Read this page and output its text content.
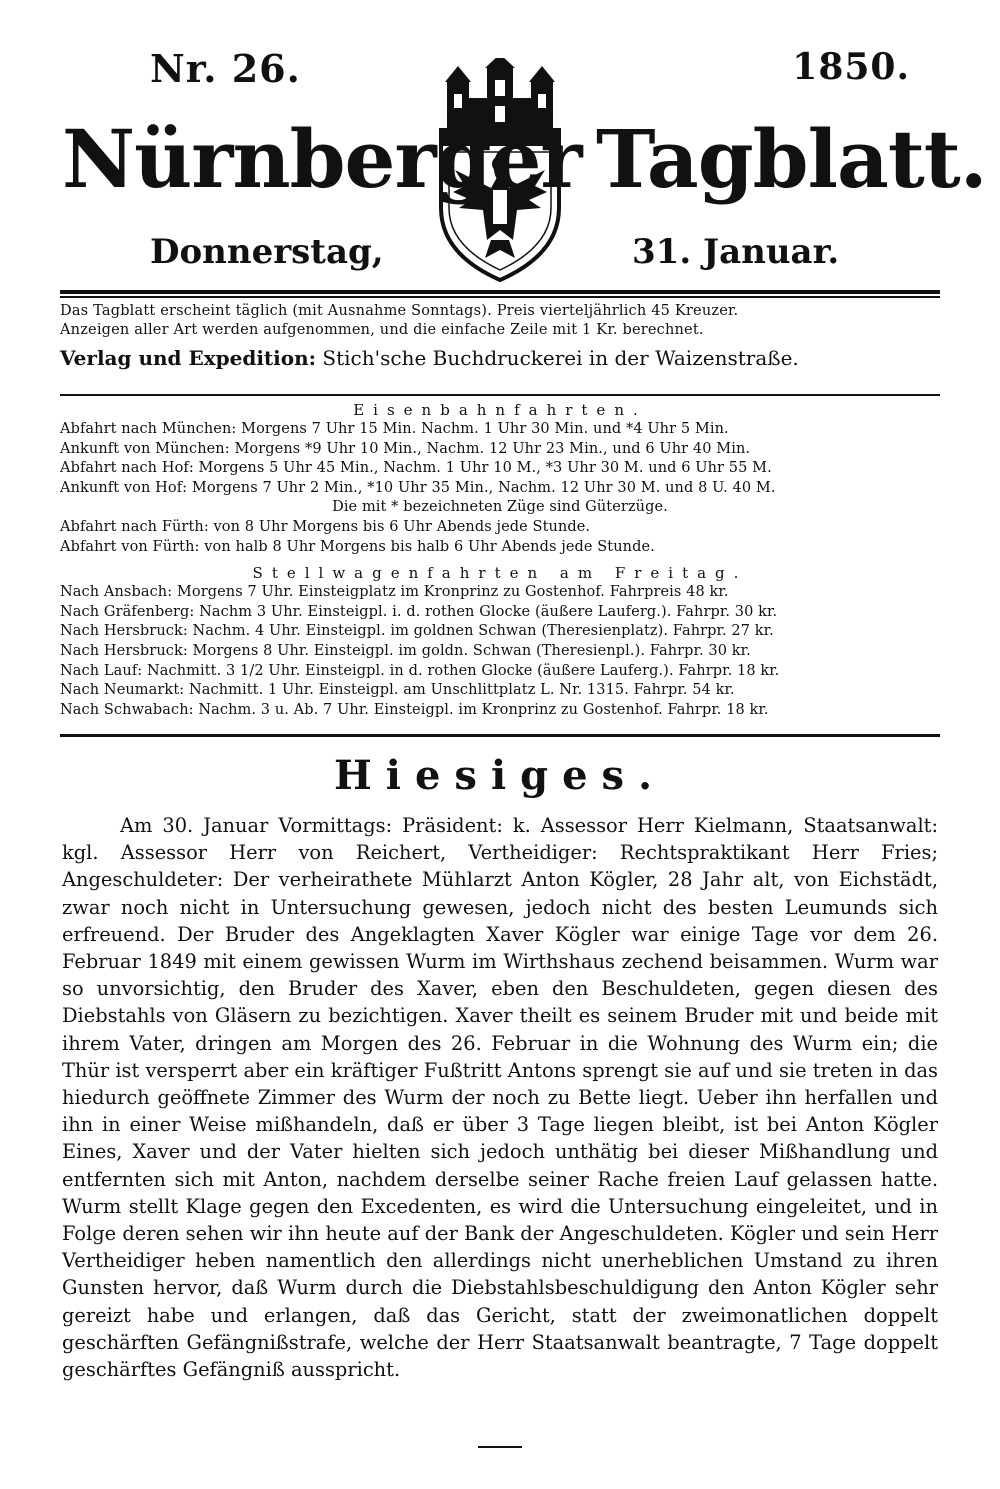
Nr. 26.	1850.
Nürnberger Tagblatt.
Donnerstag,	31. Januar.
Das Tagblatt erscheint täglich (mit Ausnahme Sonntags). Preis vierteljährlich 45 Kreuzer.
Anzeigen aller Art werden aufgenommen, und die einfache Zeile mit 1 Kr. berechnet.
Verlag und Expedition: Stich'sche Buchdruckerei in der Waizenstraße.
Eisenbahnfahrten.
Abfahrt nach München: Morgens 7 Uhr 15 Min. Nachm. 1 Uhr 30 Min. und *4 Uhr 5 Min.
Ankunft von München: Morgens *9 Uhr 10 Min., Nachm. 12 Uhr 23 Min., und 6 Uhr 40 Min.
Abfahrt nach Hof: Morgens 5 Uhr 45 Min., Nachm. 1 Uhr 10 M., *3 Uhr 30 M. und 6 Uhr 55 M.
Ankunft von Hof: Morgens 7 Uhr 2 Min., *10 Uhr 35 Min., Nachm. 12 Uhr 30 M. und 8 U. 40 M.
Die mit * bezeichneten Züge sind Güterzüge.
Abfahrt nach Fürth: von 8 Uhr Morgens bis 6 Uhr Abends jede Stunde.
Abfahrt von Fürth: von halb 8 Uhr Morgens bis halb 6 Uhr Abends jede Stunde.
Stellwagenfahrten am Freitag.
Nach Ansbach: Morgens 7 Uhr. Einsteigplatz im Kronprinz zu Gostenhof. Fahrpreis 48 kr.
Nach Gräfenberg: Nachm 3 Uhr. Einsteigpl. i. d. rothen Glocke (äußere Lauferg.). Fahrpr. 30 kr.
Nach Hersbruck: Nachm. 4 Uhr. Einsteigpl. im goldnen Schwan (Theresienplatz). Fahrpr. 27 kr.
Nach Hersbruck: Morgens 8 Uhr. Einsteigpl. im goldn. Schwan (Theresienpl.). Fahrpr. 30 kr.
Nach Lauf: Nachmitt. 3 1/2 Uhr. Einsteigpl. in d. rothen Glocke (äußere Lauferg.). Fahrpr. 18 kr.
Nach Neumarkt: Nachmitt. 1 Uhr. Einsteigpl. am Unschlittplatz L. Nr. 1315. Fahrpr. 54 kr.
Nach Schwabach: Nachm. 3 u. Ab. 7 Uhr. Einsteigpl. im Kronprinz zu Gostenhof. Fahrpr. 18 kr.
Hiesiges.

Am 30. Januar Vormittags: Präsident: k. Assessor Herr Kielmann, Staatsanwalt: kgl. Assessor Herr von Reichert, Vertheidiger: Rechtspraktikant Herr Fries; Angeschuldeter: Der verheirathete Mühlarzt Anton Kögler, 28 Jahr alt, von Eichstädt, zwar noch nicht in Untersuchung gewesen, jedoch nicht des besten Leumunds sich erfreuend. Der Bruder des Angeklagten Xaver Kögler war einige Tage vor dem 26. Februar 1849 mit einem gewissen Wurm im Wirthshaus zechend beisammen. Wurm war so unvorsichtig, den Bruder des Xaver, eben den Beschuldeten, gegen diesen des Diebstahls von Gläsern zu bezichtigen. Xaver theilt es seinem Bruder mit und beide mit ihrem Vater, dringen am Morgen des 26. Februar in die Wohnung des Wurm ein; die Thür ist versperrt aber ein kräftiger Fußtritt Antons sprengt sie auf und sie treten in das hiedurch geöffnete Zimmer des Wurm der noch zu Bette liegt. Ueber ihn herfallen und ihn in einer Weise mißhandeln, daß er über 3 Tage liegen bleibt, ist bei Anton Kögler Eines, Xaver und der Vater hielten sich jedoch unthätig bei dieser Mißhandlung und entfernten sich mit Anton, nachdem derselbe seiner Rache freien Lauf gelassen hatte. Wurm stellt Klage gegen den Excedenten, es wird die Untersuchung eingeleitet, und in Folge deren sehen wir ihn heute auf der Bank der Angeschuldeten. Kögler und sein Herr Vertheidiger heben namentlich den allerdings nicht unerheblichen Umstand zu ihren Gunsten hervor, daß Wurm durch die Diebstahlsbeschuldigung den Anton Kögler sehr gereizt habe und erlangen, daß das Gericht, statt der zweimonatlichen doppelt geschärften Gefängnißstrafe, welche der Herr Staatsanwalt beantragte, 7 Tage doppelt geschärftes Gefängniß ausspricht.
